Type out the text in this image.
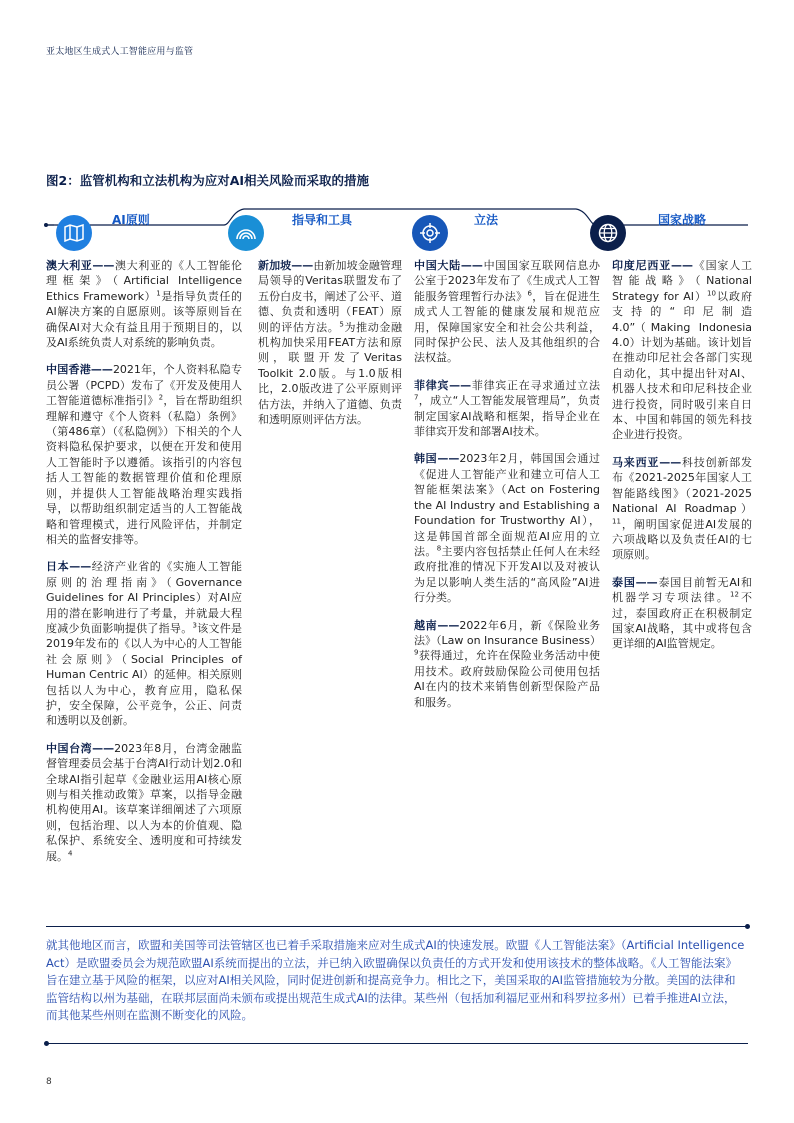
亚太地区生成式人工智能应用与监管
图2：监管机构和立法机构为应对AI相关风险而采取的措施
AI原则	指导和工具	立法	国家战略

澳大利亚——澳大利亚的《人工智能伦理框架》（Artificial Intelligence Ethics Framework）$^1$是指导负责任的AI解决方案的自愿原则。该等原则旨在确保AI对大众有益且用于预期目的，以及AI系统负责人对系统的影响负责。

中国香港——2021年，个人资料私隐专员公署（PCPD）发布了《开发及使用人工智能道德标准指引》$^2$，旨在帮助组织理解和遵守《个人资料（私隐）条例》（第486章）（《私隐例》）下相关的个人资料隐私保护要求，以便在开发和使用人工智能时予以遵循。该指引的内容包括人工智能的数据管理价值和伦理原则，并提供人工智能战略治理实践指导，以帮助组织制定适当的人工智能战略和管理模式，进行风险评估，并制定相关的监督安排等。

日本——经济产业省的《实施人工智能原则的治理指南》（Governance Guidelines for AI Principles）对AI应用的潜在影响进行了考量，并就最大程度减少负面影响提供了指导。$^3$该文件是2019年发布的《以人为中心的人工智能社会原则》（Social Principles of Human Centric AI）的延伸。相关原则包括以人为中心，教育应用，隐私保护，安全保障，公平竞争，公正、问责和透明以及创新。

中国台湾——2023年8月，台湾金融监督管理委员会基于台湾AI行动计划2.0和全球AI指引起草《金融业运用AI核心原则与相关推动政策》草案，以指导金融机构使用AI。该草案详细阐述了六项原则，包括治理、以人为本的价值观、隐私保护、系统安全、透明度和可持续发展。$^4$

新加坡——由新加坡金融管理局领导的Veritas联盟发布了五份白皮书，阐述了公平、道德、负责和透明（FEAT）原则的评估方法。$^5$为推动金融机构加快采用FEAT方法和原则，联盟开发了Veritas Toolkit 2.0版。与1.0版相比，2.0版改进了公平原则评估方法，并纳入了道德、负责和透明原则评估方法。

中国大陆——中国国家互联网信息办公室于2023年发布了《生成式人工智能服务管理暂行办法》$^6$，旨在促进生成式人工智能的健康发展和规范应用，保障国家安全和社会公共利益，同时保护公民、法人及其他组织的合法权益。

菲律宾——菲律宾正在寻求通过立法$^7$，成立“人工智能发展管理局”，负责制定国家AI战略和框架，指导企业在菲律宾开发和部署AI技术。

韩国——2023年2月，韩国国会通过《促进人工智能产业和建立可信人工智能框架法案》（Act on Fostering the AI Industry and Establishing a Foundation for Trustworthy AI），这是韩国首部全面规范AI应用的立法。$^8$主要内容包括禁止任何人在未经政府批准的情况下开发AI以及对被认为足以影响人类生活的“高风险”AI进行分类。

越南——2022年6月，新《保险业务法》（Law on Insurance Business）$^9$获得通过，允许在保险业务活动中使用技术。政府鼓励保险公司使用包括AI在内的技术来销售创新型保险产品和服务。

印度尼西亚——《国家人工智能战略》（National Strategy for AI）$^{10}$以政府支持的“印尼制造4.0”（Making Indonesia 4.0）计划为基础。该计划旨在推动印尼社会各部门实现自动化，其中提出针对AI、机器人技术和印尼科技企业进行投资，同时吸引来自日本、中国和韩国的领先科技企业进行投资。

马来西亚——科技创新部发布《2021-2025年国家人工智能路线图》（2021-2025 National AI Roadmap）$^{11}$，阐明国家促进AI发展的六项战略以及负责任AI的七项原则。

泰国——泰国目前暂无AI和机器学习专项法律。$^{12}$不过，泰国政府正在积极制定国家AI战略，其中或将包含更详细的AI监管规定。

就其他地区而言，欧盟和美国等司法管辖区也已着手采取措施来应对生成式AI的快速发展。欧盟《人工智能法案》（Artificial Intelligence Act）是欧盟委员会为规范欧盟AI系统而提出的立法，并已纳入欧盟确保以负责任的方式开发和使用该技术的整体战略。《人工智能法案》旨在建立基于风险的框架，以应对AI相关风险，同时促进创新和提高竞争力。相比之下，美国采取的AI监管措施较为分散。美国的法律和监管结构以州为基础，在联邦层面尚未颁布或提出规范生成式AI的法律。某些州（包括加利福尼亚州和科罗拉多州）已着手推进AI立法，而其他某些州则在监测不断变化的风险。
8
